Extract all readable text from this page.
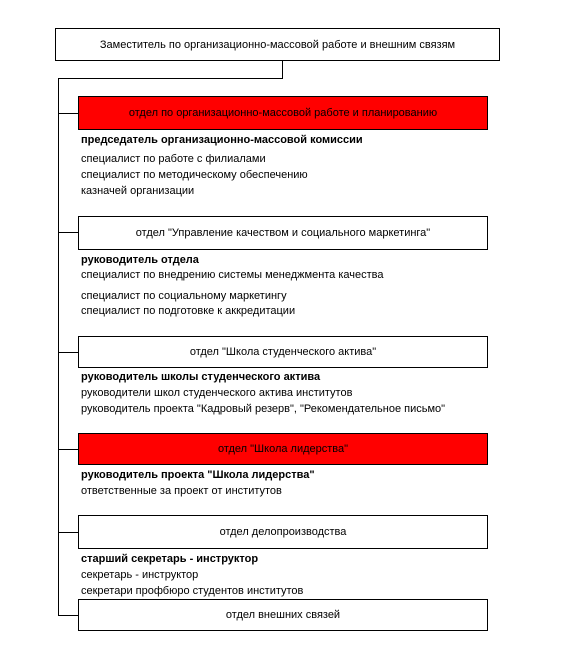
Заместитель по организационно-массовой работе и внешним связям
отдел по организационно-массовой работе и планированию
председатель организационно-массовой комиссии
специалист по работе с филиалами
специалист по методическому обеспечению
казначей организации
отдел "Управление качеством и социального маркетинга"
руководитель отдела
специалист по внедрению системы менеджмента качества
специалист по социальному маркетингу
специалист по подготовке к аккредитации
отдел "Школа студенческого актива"
руководитель школы студенческого актива
руководители школ студенческого актива институтов
руководитель проекта "Кадровый резерв", "Рекомендательное письмо"
отдел "Школа лидерства"
руководитель проекта "Школа лидерства"
ответственные за проект от институтов
отдел делопроизводства
старший секретарь - инструктор
секретарь - инструктор
секретари профбюро студентов институтов
отдел внешних связей
